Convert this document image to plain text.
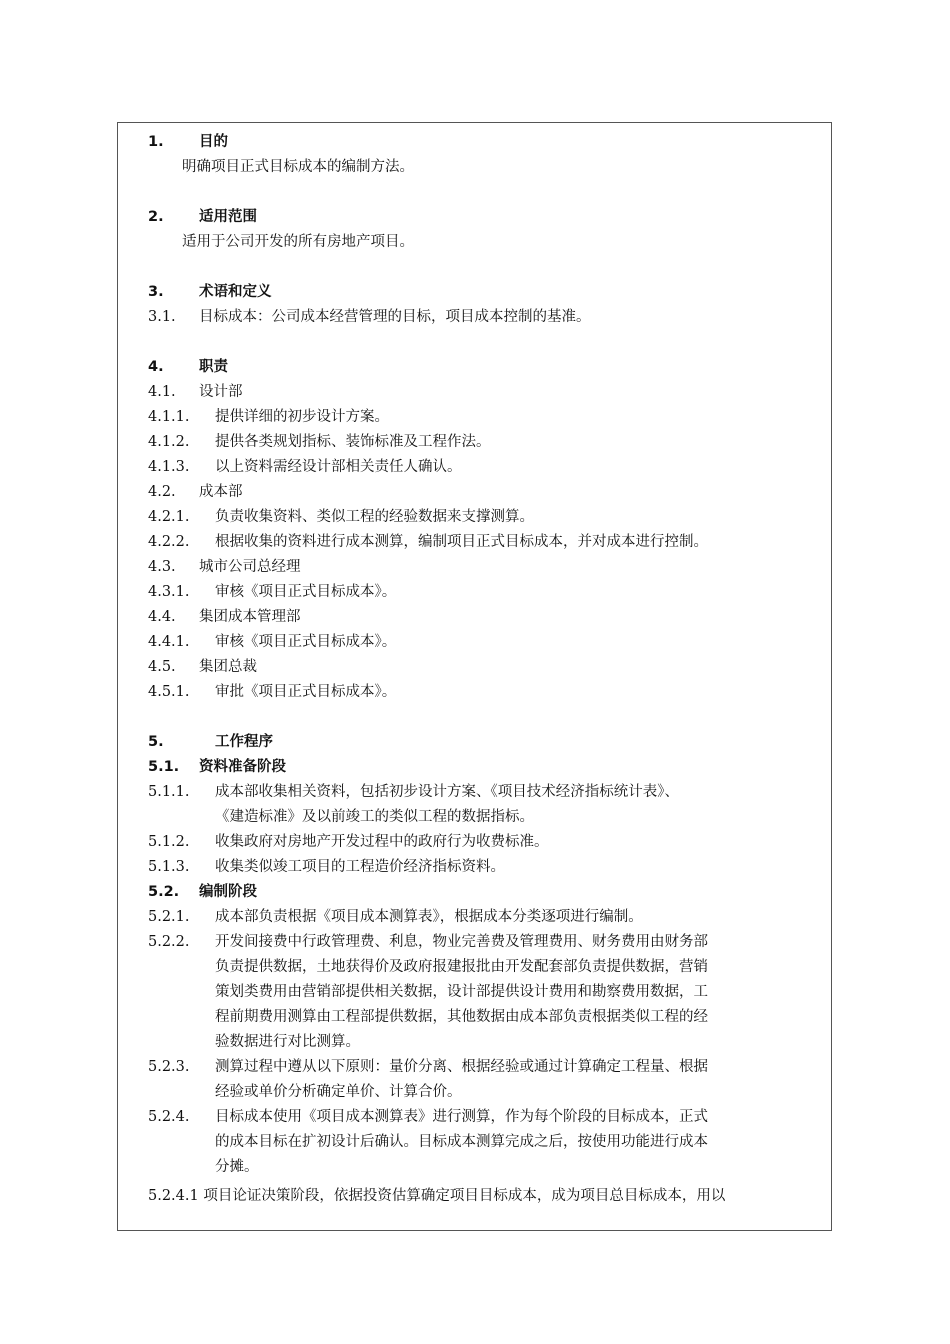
1. 目的
明确项目正式目标成本的编制方法。
2. 适用范围
适用于公司开发的所有房地产项目。
3. 术语和定义
3.1. 目标成本：公司成本经营管理的目标，项目成本控制的基准。
4. 职责
4.1. 设计部
4.1.1. 提供详细的初步设计方案。
4.1.2. 提供各类规划指标、装饰标准及工程作法。
4.1.3. 以上资料需经设计部相关责任人确认。
4.2. 成本部
4.2.1. 负责收集资料、类似工程的经验数据来支撑测算。
4.2.2. 根据收集的资料进行成本测算，编制项目正式目标成本，并对成本进行控制。
4.3. 城市公司总经理
4.3.1. 审核《项目正式目标成本》。
4.4. 集团成本管理部
4.4.1. 审核《项目正式目标成本》。
4.5. 集团总裁
4.5.1. 审批《项目正式目标成本》。
5.	工作程序
5.1. 资料准备阶段
5.1.1. 成本部收集相关资料，包括初步设计方案、《项目技术经济指标统计表》、
《建造标准》及以前竣工的类似工程的数据指标。
5.1.2. 收集政府对房地产开发过程中的政府行为收费标准。
5.1.3. 收集类似竣工项目的工程造价经济指标资料。
5.2. 编制阶段
5.2.1. 成本部负责根据《项目成本测算表》，根据成本分类逐项进行编制。
5.2.2. 开发间接费中行政管理费、利息，物业完善费及管理费用、财务费用由财务部
负责提供数据，土地获得价及政府报建报批由开发配套部负责提供数据，营销
策划类费用由营销部提供相关数据，设计部提供设计费用和勘察费用数据，工
程前期费用测算由工程部提供数据，其他数据由成本部负责根据类似工程的经
验数据进行对比测算。
5.2.3. 测算过程中遵从以下原则：量价分离、根据经验或通过计算确定工程量、根据
经验或单价分析确定单价、计算合价。
5.2.4. 目标成本使用《项目成本测算表》进行测算，作为每个阶段的目标成本，正式
的成本目标在扩初设计后确认。目标成本测算完成之后，按使用功能进行成本
分摊。
5.2.4.1 项目论证决策阶段，依据投资估算确定项目目标成本，成为项目总目标成本，用以
